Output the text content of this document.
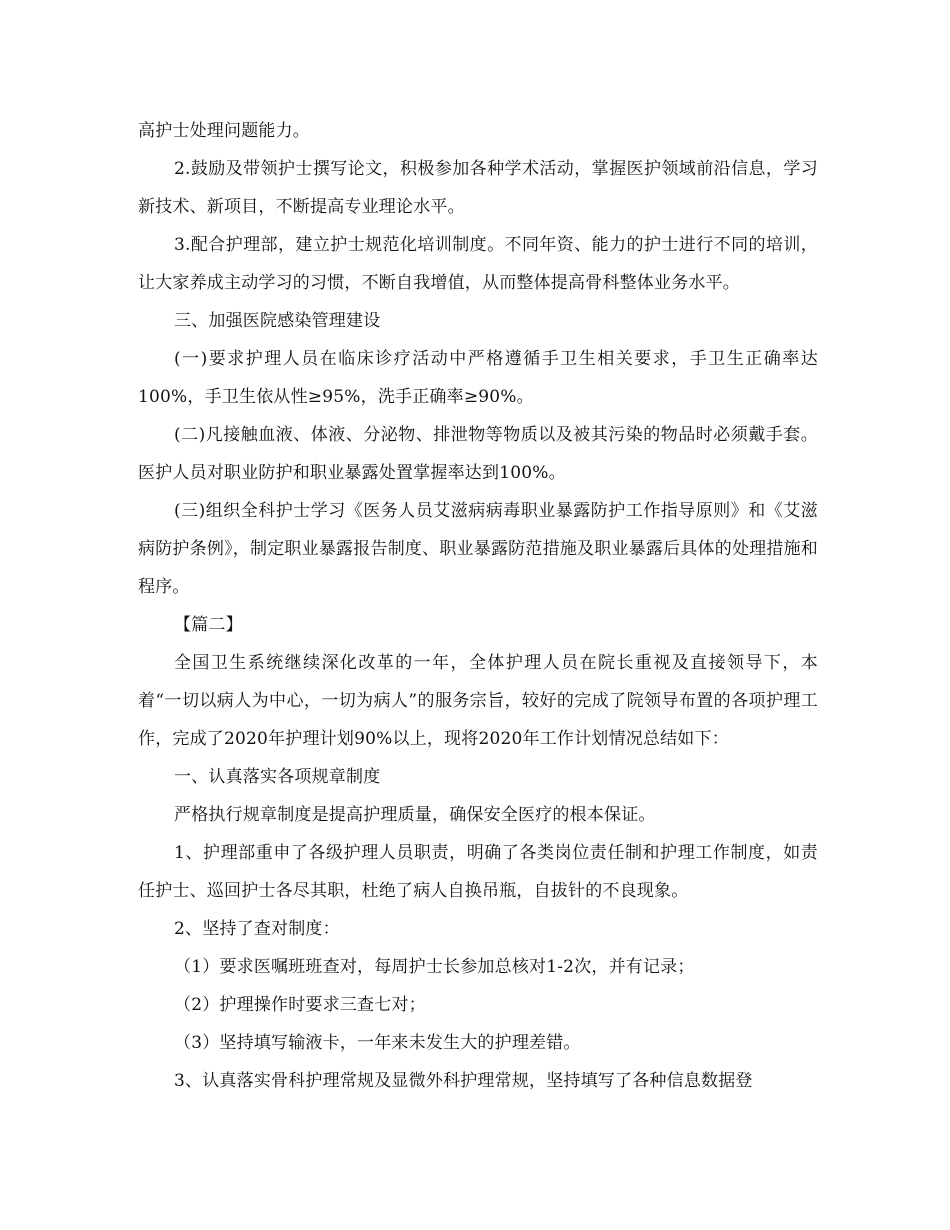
高护士处理问题能力。

2.鼓励及带领护士撰写论文，积极参加各种学术活动，掌握医护领域前沿信息，学习新技术、新项目，不断提高专业理论水平。

3.配合护理部，建立护士规范化培训制度。不同年资、能力的护士进行不同的培训，让大家养成主动学习的习惯，不断自我增值，从而整体提高骨科整体业务水平。

三、加强医院感染管理建设

(一)要求护理人员在临床诊疗活动中严格遵循手卫生相关要求，手卫生正确率达100%，手卫生依从性≥95%，洗手正确率≥90%。

(二)凡接触血液、体液、分泌物、排泄物等物质以及被其污染的物品时必须戴手套。医护人员对职业防护和职业暴露处置掌握率达到100%。

(三)组织全科护士学习《医务人员艾滋病病毒职业暴露防护工作指导原则》和《艾滋病防护条例》，制定职业暴露报告制度、职业暴露防范措施及职业暴露后具体的处理措施和程序。

【篇二】

全国卫生系统继续深化改革的一年，全体护理人员在院长重视及直接领导下，本着“一切以病人为中心，一切为病人”的服务宗旨，较好的完成了院领导布置的各项护理工作，完成了2020年护理计划90%以上，现将2020年工作计划情况总结如下：

一、认真落实各项规章制度

严格执行规章制度是提高护理质量，确保安全医疗的根本保证。

1、护理部重申了各级护理人员职责，明确了各类岗位责任制和护理工作制度，如责任护士、巡回护士各尽其职，杜绝了病人自换吊瓶，自拔针的不良现象。

2、坚持了查对制度：

（1）要求医嘱班班查对，每周护士长参加总核对1-2次，并有记录；

（2）护理操作时要求三查七对；

（3）坚持填写输液卡，一年来未发生大的护理差错。

3、认真落实骨科护理常规及显微外科护理常规，坚持填写了各种信息数据登
